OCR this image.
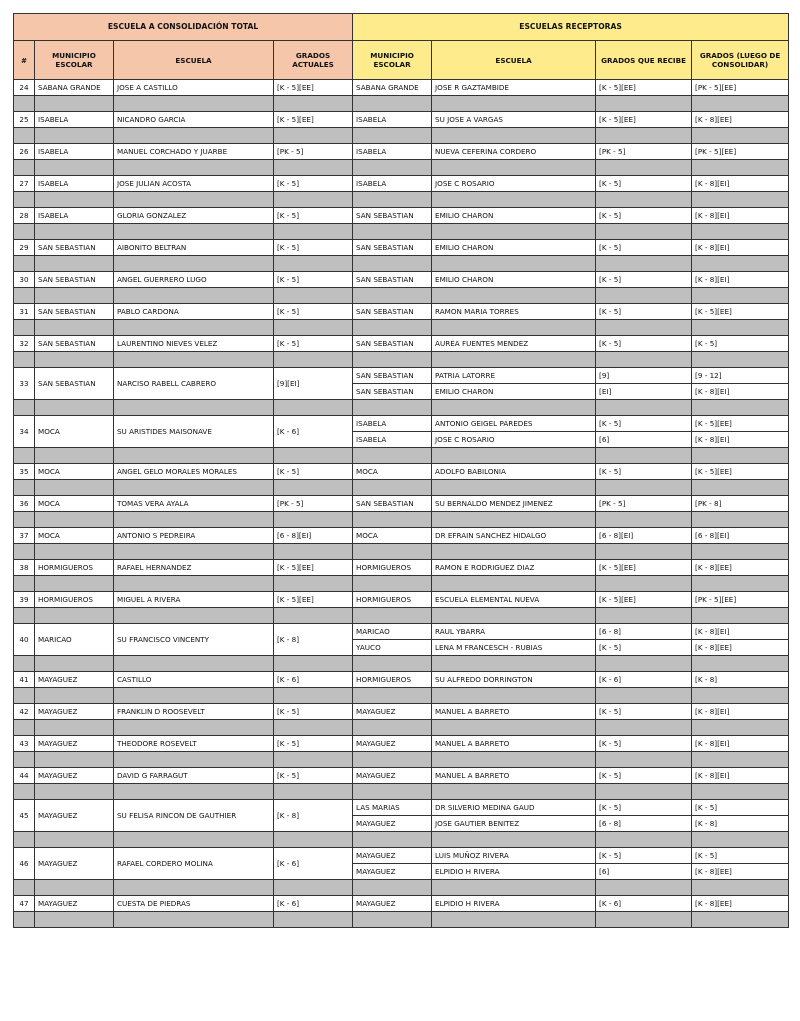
ESCUELA A CONSOLIDACIÓN TOTAL				ESCUELAS RECEPTORAS			
#	MUNICIPIO ESCOLAR	ESCUELA	GRADOS ACTUALES	MUNICIPIO ESCOLAR	ESCUELA	GRADOS QUE RECIBE	GRADOS (LUEGO DE CONSOLIDAR)
24	SABANA GRANDE	JOSE A CASTILLO	[K - 5][EE]	SABANA GRANDE	JOSE R GAZTAMBIDE	[K - 5][EE]	[PK - 5][EE]

25	ISABELA	NICANDRO GARCIA	[K - 5][EE]	ISABELA	SU JOSE A VARGAS	[K - 5][EE]	[K - 8][EE]

26	ISABELA	MANUEL CORCHADO Y JUARBE	[PK - 5]	ISABELA	NUEVA CEFERINA CORDERO	[PK - 5]	[PK - 5][EE]

27	ISABELA	JOSE JULIAN ACOSTA	[K - 5]	ISABELA	JOSE C ROSARIO	[K - 5]	[K - 8][EI]

28	ISABELA	GLORIA GONZALEZ	[K - 5]	SAN SEBASTIAN	EMILIO CHARON	[K - 5]	[K - 8][EI]

29	SAN SEBASTIAN	AIBONITO BELTRAN	[K - 5]	SAN SEBASTIAN	EMILIO CHARON	[K - 5]	[K - 8][EI]

30	SAN SEBASTIAN	ANGEL GUERRERO LUGO	[K - 5]	SAN SEBASTIAN	EMILIO CHARON	[K - 5]	[K - 8][EI]

31	SAN SEBASTIAN	PABLO CARDONA	[K - 5]	SAN SEBASTIAN	RAMON MARIA TORRES	[K - 5]	[K - 5][EE]

32	SAN SEBASTIAN	LAURENTINO NIEVES VELEZ	[K - 5]	SAN SEBASTIAN	AUREA FUENTES MENDEZ	[K - 5]	[K - 5]

33	SAN SEBASTIAN	NARCISO RABELL CABRERO	[9][EI]	SAN SEBASTIAN	PATRIA LATORRE	[9]	[9 - 12]
				SAN SEBASTIAN	EMILIO CHARON	[EI]	[K - 8][EI]

34	MOCA	SU ARISTIDES MAISONAVE	[K - 6]	ISABELA	ANTONIO GEIGEL PAREDES	[K - 5]	[K - 5][EE]
				ISABELA	JOSE C ROSARIO	[6]	[K - 8][EI]

35	MOCA	ANGEL GELO MORALES MORALES	[K - 5]	MOCA	ADOLFO BABILONIA	[K - 5]	[K - 5][EE]

36	MOCA	TOMAS VERA AYALA	[PK - 5]	SAN SEBASTIAN	SU BERNALDO MENDEZ JIMENEZ	[PK - 5]	[PK - 8]

37	MOCA	ANTONIO S PEDREIRA	[6 - 8][EI]	MOCA	DR EFRAIN SANCHEZ HIDALGO	[6 - 8][EI]	[6 - 8][EI]

38	HORMIGUEROS	RAFAEL HERNANDEZ	[K - 5][EE]	HORMIGUEROS	RAMON E RODRIGUEZ DIAZ	[K - 5][EE]	[K - 8][EE]

39	HORMIGUEROS	MIGUEL A RIVERA	[K - 5][EE]	HORMIGUEROS	ESCUELA ELEMENTAL NUEVA	[K - 5][EE]	[PK - 5][EE]

40	MARICAO	SU FRANCISCO VINCENTY	[K - 8]	MARICAO	RAUL YBARRA	[6 - 8]	[K - 8][EI]
				YAUCO	LENA M FRANCESCH - RUBIAS	[K - 5]	[K - 8][EE]

41	MAYAGUEZ	CASTILLO	[K - 6]	HORMIGUEROS	SU ALFREDO DORRINGTON	[K - 6]	[K - 8]

42	MAYAGUEZ	FRANKLIN D ROOSEVELT	[K - 5]	MAYAGUEZ	MANUEL A BARRETO	[K - 5]	[K - 8][EI]

43	MAYAGUEZ	THEODORE ROSEVELT	[K - 5]	MAYAGUEZ	MANUEL A BARRETO	[K - 5]	[K - 8][EI]

44	MAYAGUEZ	DAVID G FARRAGUT	[K - 5]	MAYAGUEZ	MANUEL A BARRETO	[K - 5]	[K - 8][EI]

45	MAYAGUEZ	SU FELISA RINCON DE GAUTHIER	[K - 8]	LAS MARIAS	DR SILVERIO MEDINA GAUD	[K - 5]	[K - 5]
				MAYAGUEZ	JOSE GAUTIER BENITEZ	[6 - 8]	[K - 8]

46	MAYAGUEZ	RAFAEL CORDERO MOLINA	[K - 6]	MAYAGUEZ	LUIS MUÑOZ RIVERA	[K - 5]	[K - 5]
				MAYAGUEZ	ELPIDIO H RIVERA	[6]	[K - 8][EE]

47	MAYAGUEZ	CUESTA DE PIEDRAS	[K - 6]	MAYAGUEZ	ELPIDIO H RIVERA	[K - 6]	[K - 8][EE]
